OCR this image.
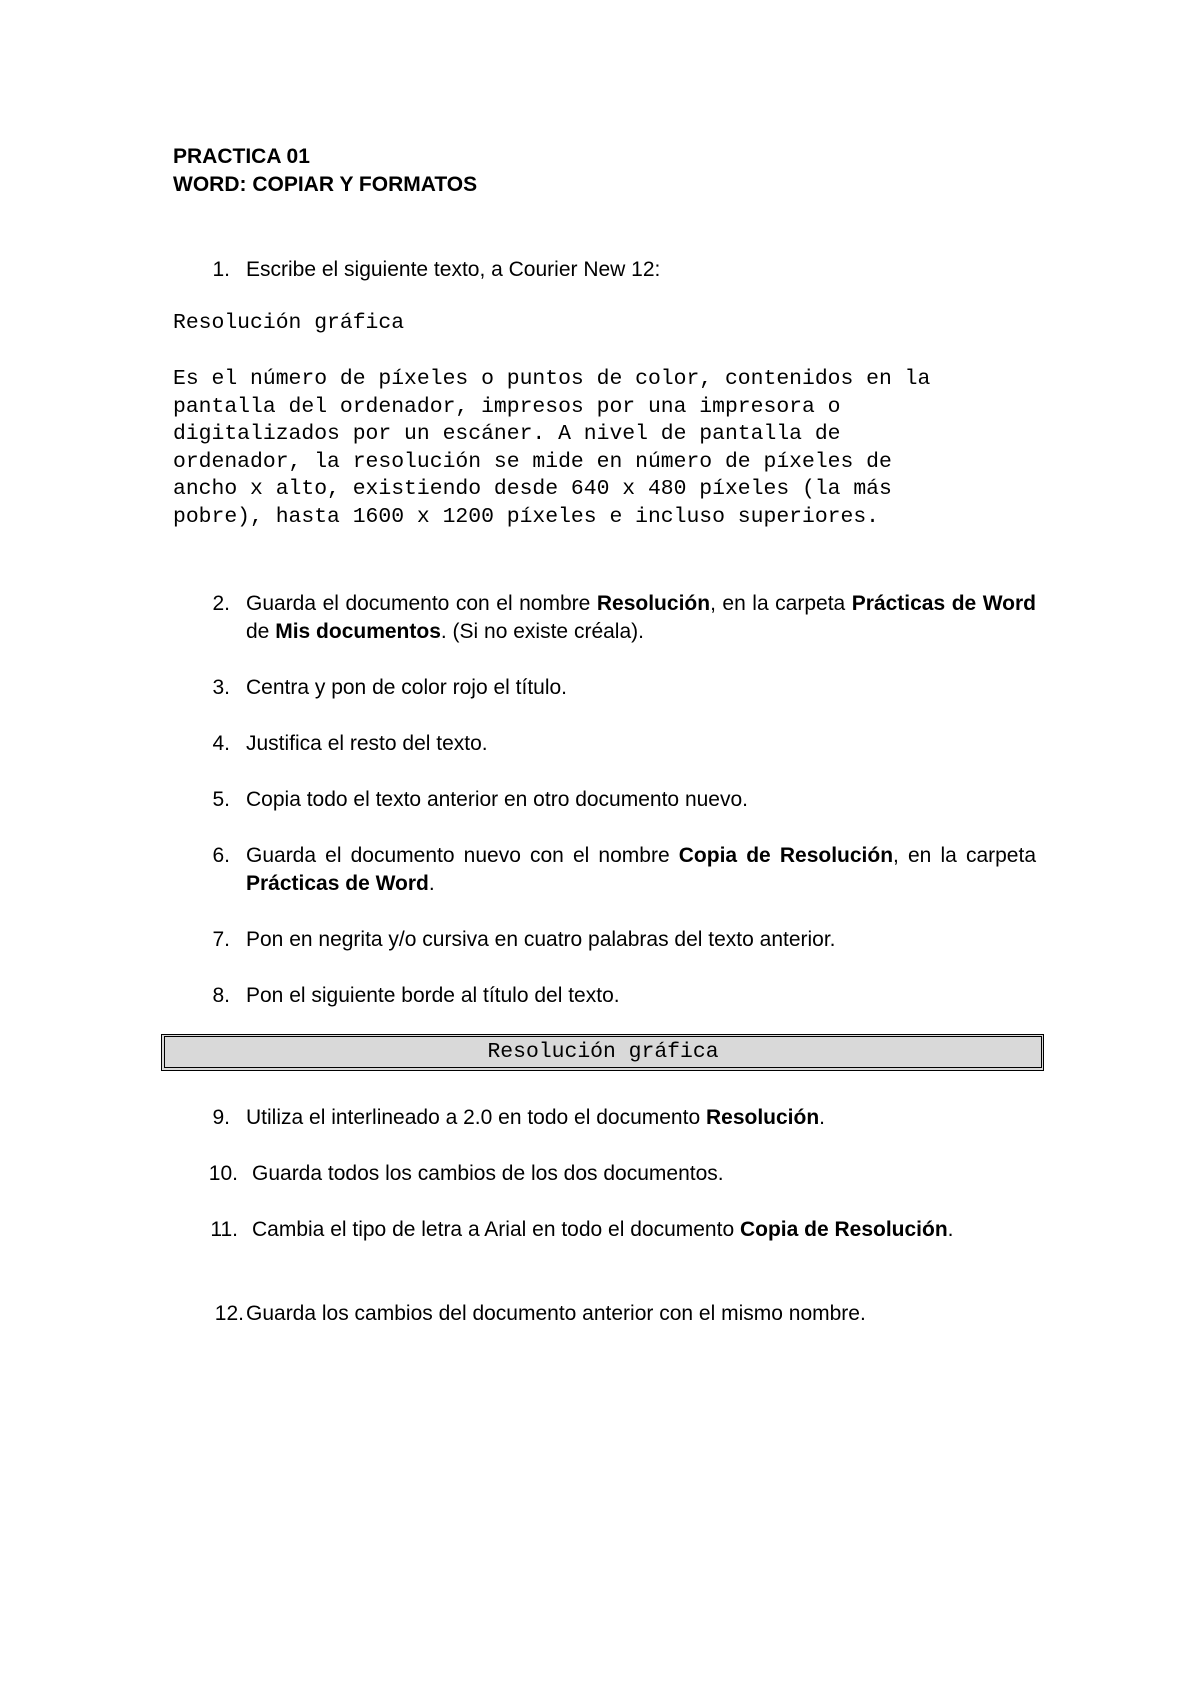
PRACTICA 01
WORD: COPIAR Y FORMATOS
1. Escribe el siguiente texto, a Courier New 12:
Resolución gráfica
Es el número de píxeles o puntos de color, contenidos en la
pantalla del ordenador, impresos por una impresora o
digitalizados por un escáner. A nivel de pantalla de
ordenador, la resolución se mide en número de píxeles de
ancho x alto, existiendo desde 640 x 480 píxeles (la más
pobre), hasta 1600 x 1200 píxeles e incluso superiores.
2. Guarda el documento con el nombre Resolución, en la carpeta Prácticas de Word de Mis documentos. (Si no existe créala).
3. Centra y pon de color rojo el título.
4. Justifica el resto del texto.
5. Copia todo el texto anterior en otro documento nuevo.
6. Guarda el documento nuevo con el nombre Copia de Resolución, en la carpeta Prácticas de Word.
7. Pon en negrita y/o cursiva en cuatro palabras del texto anterior.
8. Pon el siguiente borde al título del texto.
Resolución gráfica
9. Utiliza el interlineado a 2.0 en todo el documento Resolución.
10. Guarda todos los cambios de los dos documentos.
11. Cambia el tipo de letra a Arial en todo el documento Copia de Resolución.
12. Guarda los cambios del documento anterior con el mismo nombre.
